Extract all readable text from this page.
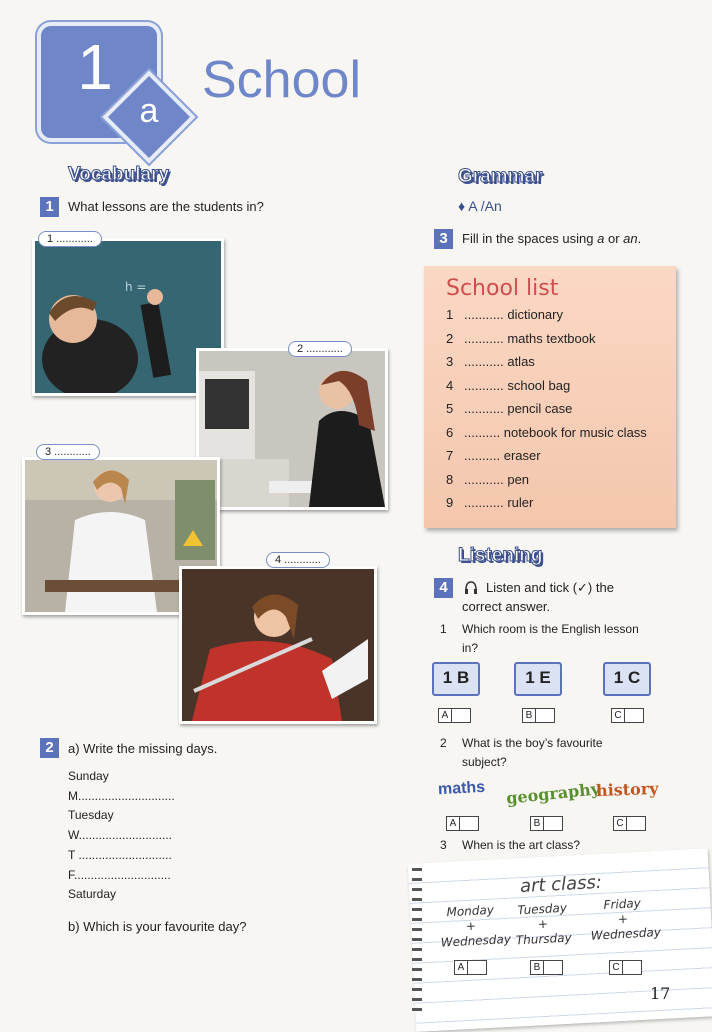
1
a
School
Vocabulary
1	What lessons are the students in?
h =
1 ............
2 ............
3 ............
4 ............
2	a) Write the missing days.
Sunday
M.............................
Tuesday
W............................
T ............................
F.............................
Saturday
b) Which is your favourite day?
Grammar
♦ A /An
3	Fill in the spaces using a or an.
School list
1 ........... dictionary
2 ........... maths textbook
3 ........... atlas
4 ........... school bag
5 ........... pencil case
6 .......... notebook for music class
7 .......... eraser
8 ........... pen
9 ........... ruler
Listening
4	Listen and tick (✓) the
correct answer.
1 Which room is the English lesson
in?
1 B	1 E	1 C
A	B	C
2 What is the boy’s favourite
subject?
maths geography
history
A	B	C
3 When is the art class?
art class:
Monday
+
Wednesday
Tuesday
+
Thursday
Friday
+
Wednesday
A	B	C
17
